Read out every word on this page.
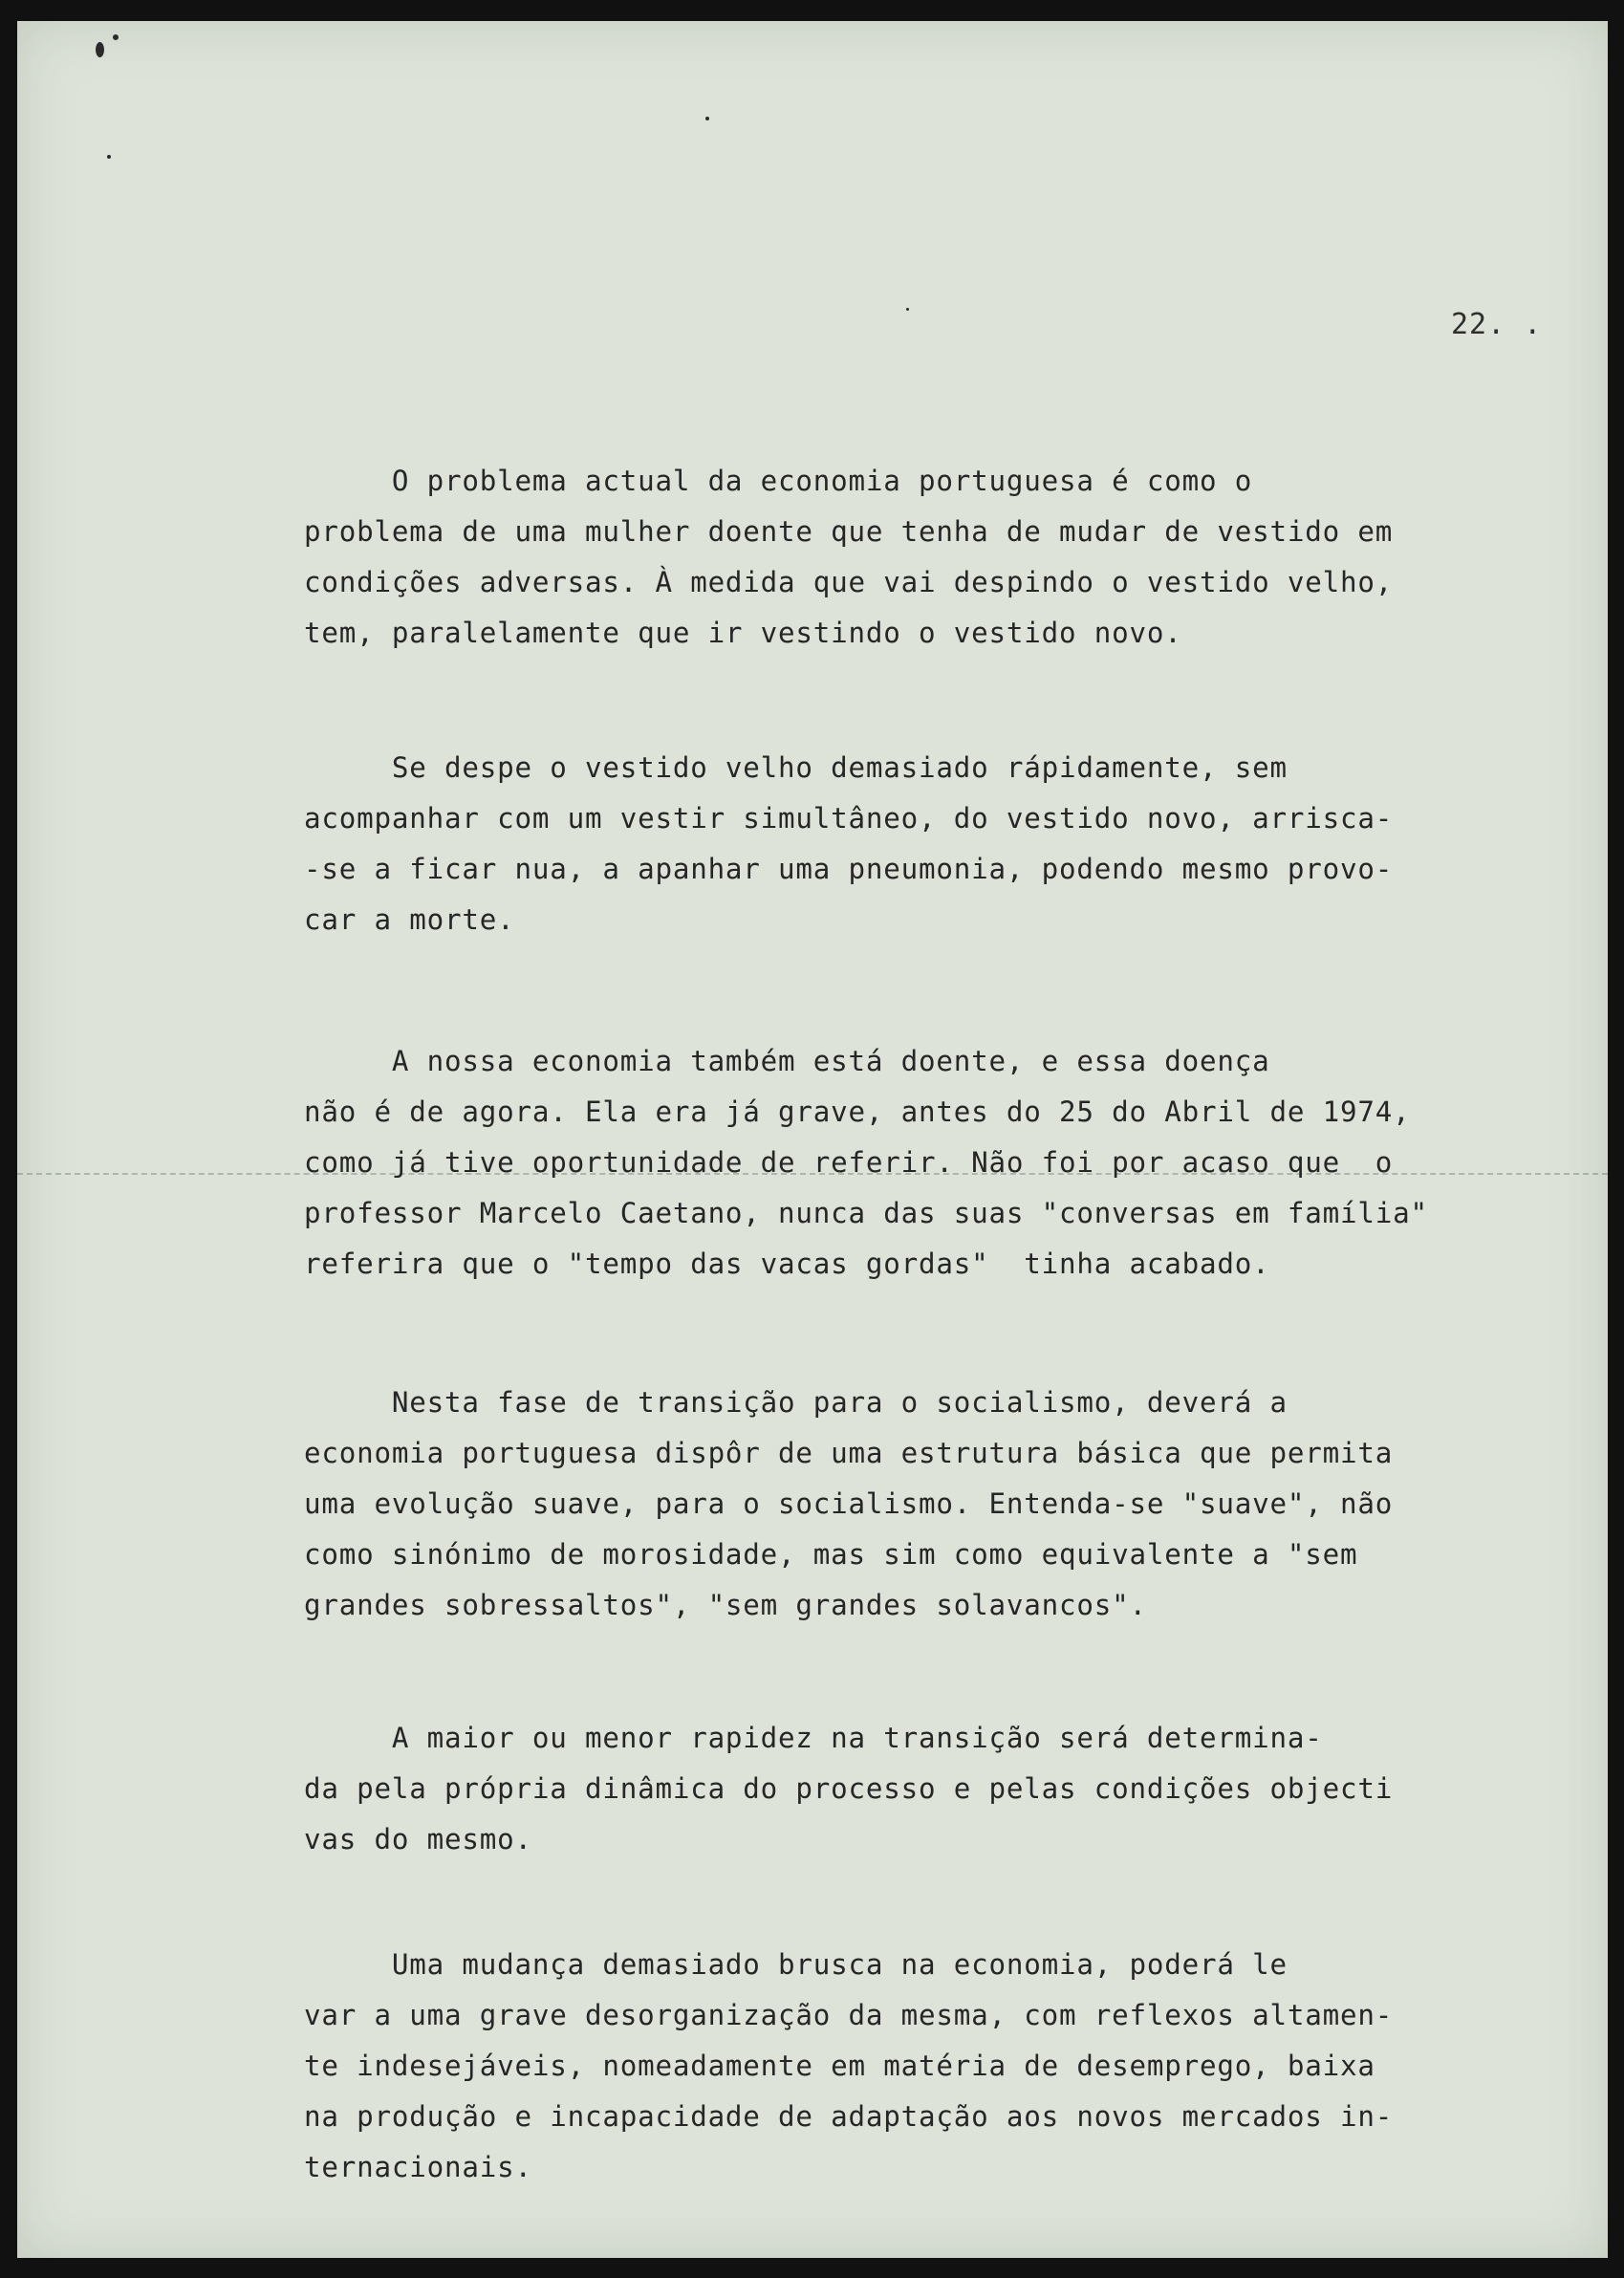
22. .

O problema actual da economia portuguesa é como o
problema de uma mulher doente que tenha de mudar de vestido em
condições adversas. À medida que vai despindo o vestido velho,
tem, paralelamente que ir vestindo o vestido novo.

Se despe o vestido velho demasiado rápidamente, sem
acompanhar com um vestir simultâneo, do vestido novo, arrisca-
-se a ficar nua, a apanhar uma pneumonia, podendo mesmo provo-
car a morte.

A nossa economia também está doente, e essa doença
não é de agora. Ela era já grave, antes do 25 do Abril de 1974,
como já tive oportunidade de referir. Não foi por acaso que  o
professor Marcelo Caetano, nunca das suas "conversas em família"
referira que o "tempo das vacas gordas"  tinha acabado.

Nesta fase de transição para o socialismo, deverá a
economia portuguesa dispôr de uma estrutura básica que permita
uma evolução suave, para o socialismo. Entenda-se "suave", não
como sinónimo de morosidade, mas sim como equivalente a "sem
grandes sobressaltos", "sem grandes solavancos".

A maior ou menor rapidez na transição será determina-
da pela própria dinâmica do processo e pelas condições objecti
vas do mesmo.

Uma mudança demasiado brusca na economia, poderá le
var a uma grave desorganização da mesma, com reflexos altamen-
te indesejáveis, nomeadamente em matéria de desemprego, baixa
na produção e incapacidade de adaptação aos novos mercados in-
ternacionais.
